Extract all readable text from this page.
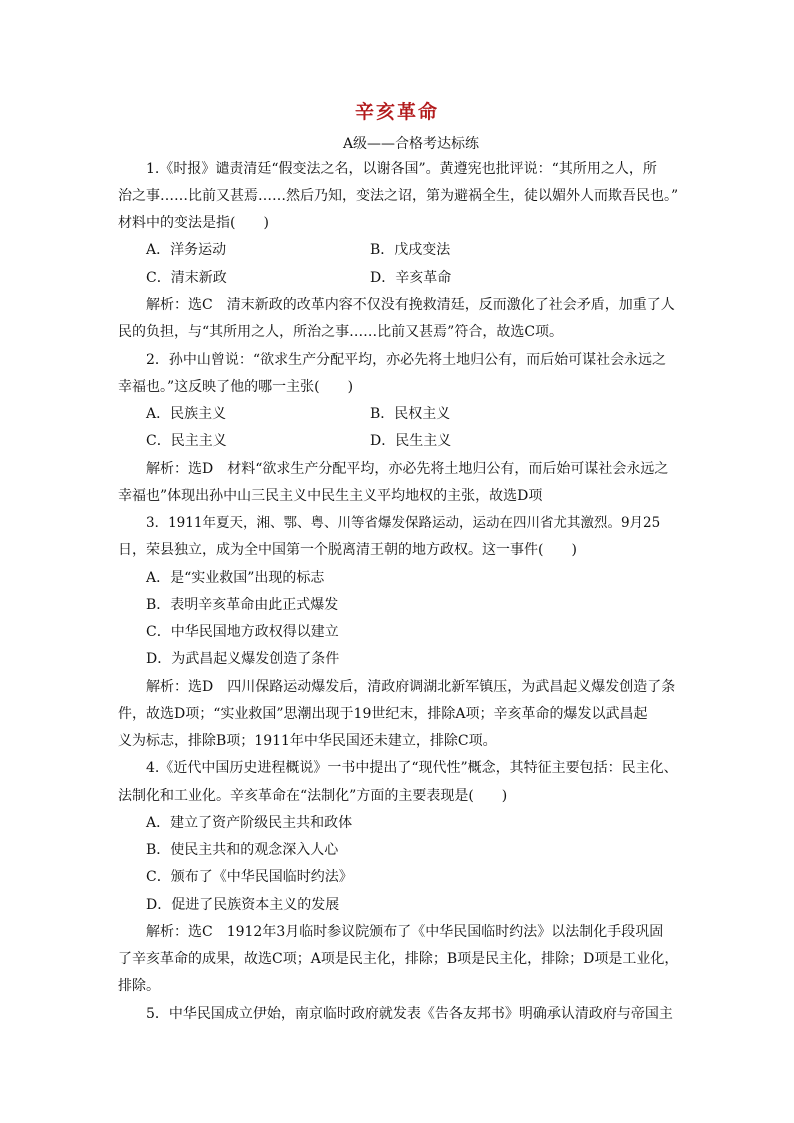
辛亥革命
A级——合格考达标练
1.《时报》谴责清廷“假变法之名，以谢各国”。黄遵宪也批评说：“其所用之人，所
治之事……比前又甚焉……然后乃知，变法之诏，第为避祸全生，徒以媚外人而欺吾民也。”
材料中的变法是指(　　)
A．洋务运动	B．戊戌变法
C．清末新政	D．辛亥革命
解析：选C　清末新政的改革内容不仅没有挽救清廷，反而激化了社会矛盾，加重了人
民的负担，与“其所用之人，所治之事……比前又甚焉”符合，故选C项。
2．孙中山曾说：“欲求生产分配平均，亦必先将土地归公有，而后始可谋社会永远之
幸福也。”这反映了他的哪一主张(　　)
A．民族主义	B．民权主义
C．民主主义	D．民生主义
解析：选D　材料“欲求生产分配平均，亦必先将土地归公有，而后始可谋社会永远之
幸福也”体现出孙中山三民主义中民生主义平均地权的主张，故选D项
3．1911年夏天，湘、鄂、粤、川等省爆发保路运动，运动在四川省尤其激烈。9月25
日，荣县独立，成为全中国第一个脱离清王朝的地方政权。这一事件(　　)
A．是“实业救国”出现的标志
B．表明辛亥革命由此正式爆发
C．中华民国地方政权得以建立
D．为武昌起义爆发创造了条件
解析：选D　四川保路运动爆发后，清政府调湖北新军镇压，为武昌起义爆发创造了条
件，故选D项；“实业救国”思潮出现于19世纪末，排除A项；辛亥革命的爆发以武昌起
义为标志，排除B项；1911年中华民国还未建立，排除C项。
4.《近代中国历史进程概说》一书中提出了“现代性”概念，其特征主要包括：民主化、
法制化和工业化。辛亥革命在“法制化”方面的主要表现是(　　)
A．建立了资产阶级民主共和政体
B．使民主共和的观念深入人心
C．颁布了《中华民国临时约法》
D．促进了民族资本主义的发展
解析：选C　1912年3月临时参议院颁布了《中华民国临时约法》以法制化手段巩固
了辛亥革命的成果，故选C项；A项是民主化，排除；B项是民主化，排除；D项是工业化，
排除。
5．中华民国成立伊始，南京临时政府就发表《告各友邦书》明确承认清政府与帝国主
